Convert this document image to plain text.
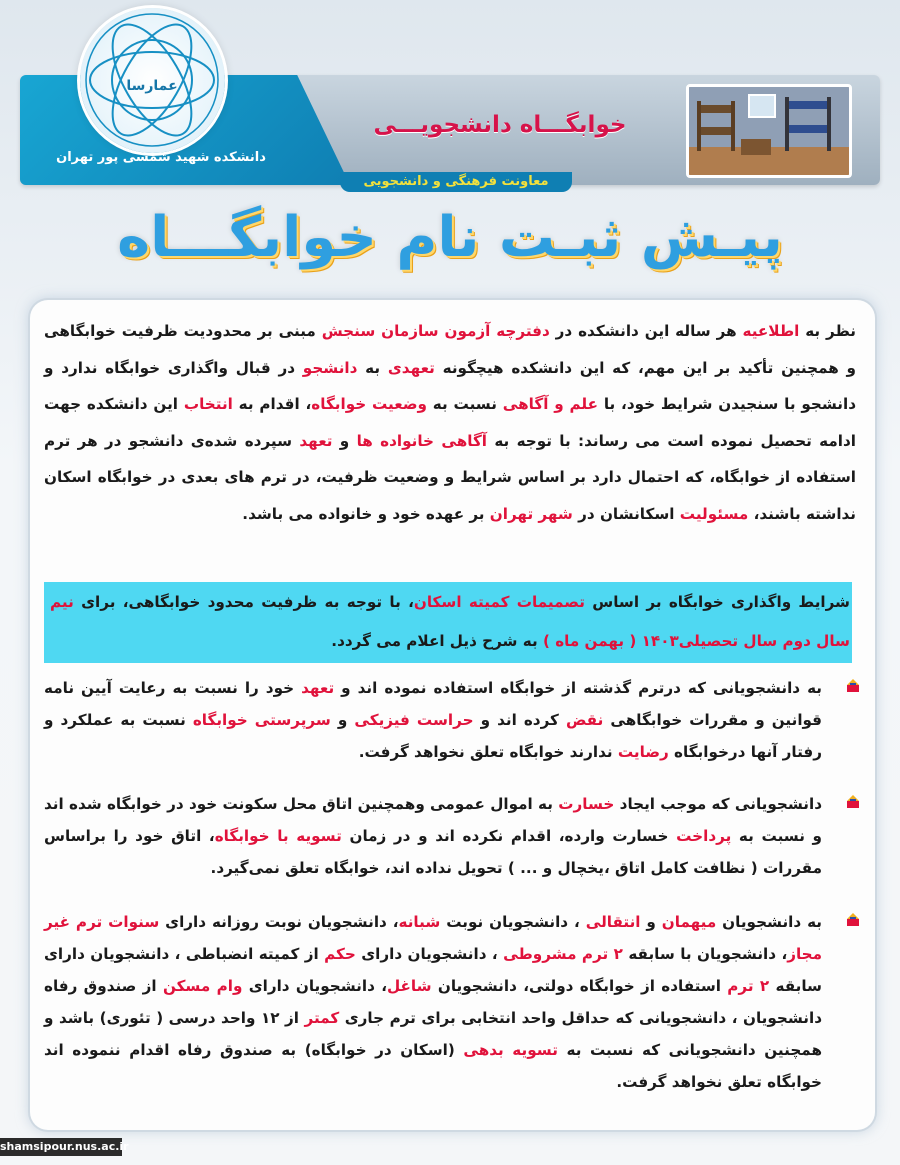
عمارسا
دانشکده شهید شمسی پور تهران
خوابگـــاه دانشجویـــی
معاونت فرهنگی و دانشجویی
پیـش ثبـت نام خوابگـــاه

نظر به اطلاعیه هر ساله این دانشکده در دفترچه آزمون سازمان سنجش مبنی بر محدودیت ظرفیت خوابگاهی و همچنین تأکید بر این مهم، که این دانشکده هیچگونه تعهدی به دانشجو در قبال واگذاری خوابگاه ندارد و دانشجو با سنجیدن شرایط خود، با علم و آگاهی نسبت به وضعیت خوابگاه، اقدام به انتخاب این دانشکده جهت ادامه تحصیل نموده است می رساند: با توجه به آگاهی خانواده ها و تعهد سپرده شده‌ی دانشجو در هر ترم استفاده از خوابگاه، که احتمال دارد بر اساس شرایط و وضعیت ظرفیت، در ترم های بعدی در خوابگاه اسکان نداشته باشند، مسئولیت اسکانشان در شهر تهران بر عهده خود و خانواده می باشد.

شرایط واگذاری خوابگاه بر اساس تصمیمات کمیته اسکان، با توجه به ظرفیت محدود خوابگاهی، برای نیم سال دوم سال تحصیلی۱۴۰۳ ( بهمن ماه ) به شرح ذیل اعلام می گردد.
به دانشجویانی که درترم گذشته از خوابگاه استفاده نموده اند و تعهد خود را نسبت به رعایت آیین نامه قوانین و مقررات خوابگاهی نقض کرده اند و حراست فیزیکی و سرپرستی خوابگاه نسبت به عملکرد و رفتار آنها درخوابگاه رضایت ندارند خوابگاه تعلق نخواهد گرفت.
دانشجویانی که موجب ایجاد خسارت به اموال عمومی وهمچنین اتاق محل سکونت خود در خوابگاه شده اند و نسبت به پرداخت خسارت وارده، اقدام نکرده اند و در زمان تسویه با خوابگاه، اتاق خود را براساس مقررات ( نظافت کامل اتاق ،یخچال و ... ) تحویل نداده اند، خوابگاه تعلق نمی‌گیرد.
به دانشجویان میهمان و انتقالی ، دانشجویان نوبت شبانه، دانشجویان نوبت روزانه دارای سنوات ترم غیر مجاز، دانشجویان با سابقه ۲ ترم مشروطی ، دانشجویان دارای حکم از کمیته انضباطی ، دانشجویان دارای سابقه ۲ ترم استفاده از خوابگاه دولتی، دانشجویان شاغل، دانشجویان دارای وام مسکن از صندوق رفاه دانشجویان ، دانشجویانی که حداقل واحد انتخابی برای ترم جاری کمتر از ۱۲ واحد درسی ( تئوری) باشد و همچنین دانشجویانی که نسبت به تسویه بدهی (اسکان در خوابگاه) به صندوق رفاه اقدام ننموده اند خوابگاه تعلق نخواهد گرفت.
shamsipour.nus.ac.ir
